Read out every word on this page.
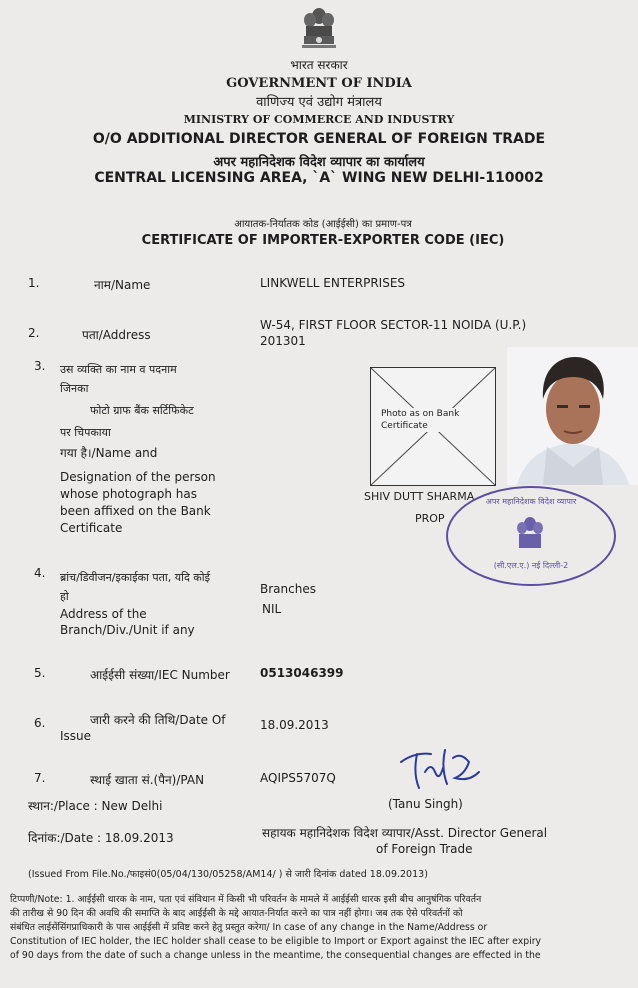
भारत सरकार
GOVERNMENT OF INDIA
वाणिज्य एवं उद्योग मंत्रालय
MINISTRY OF COMMERCE AND INDUSTRY
O/O ADDITIONAL DIRECTOR GENERAL OF FOREIGN TRADE
अपर महानिदेशक विदेश व्यापार का कार्यालय
CENTRAL LICENSING AREA, `A` WING NEW DELHI-110002
आयातक-निर्यातक कोड (आईईसी) का प्रमाण-पत्र
CERTIFICATE OF IMPORTER-EXPORTER CODE (IEC)
1.	नाम/Name	LINKWELL ENTERPRISES
2.	पता/Address
W-54, FIRST FLOOR SECTOR-11 NOIDA (U.P.)
201301
3. उस व्यक्ति का नाम व पदनाम
जिनका
फोटो ग्राफ बैंक सर्टिफिकेट
पर चिपकाया
गया है।/Name and
Designation of the person
whose photograph has
been affixed on the Bank
Certificate
Photo as on Bank
Certificate
SHIV DUTT SHARMA
PROP
अपर महानिदेशक विदेश व्यापार
(सी.एल.ए.) नई दिल्ली-2
4. ब्रांच/डिवीजन/इकाईका पता, यदि कोई
हो
Address of the
Branch/Div./Unit if any
Branches
NIL
5.	आईईसी संख्या/IEC Number	0513046399
6.	जारी करने की तिथि/Date Of
Issue
18.09.2013
7.	स्थाई खाता सं.(पैन)/PAN	AQIPS5707Q
स्थान:/Place : New Delhi	(Tanu Singh)
दिनांक:/Date : 18.09.2013	सहायक महानिदेशक विदेश व्यापार/Asst. Director General
of Foreign Trade
(Issued From File.No./फाइसं0(05/04/130/05258/AM14/ ) से जारी दिनांक dated 18.09.2013)
टिप्पणी/Note: 1. आईईसी धारक के नाम, पता एवं संविधान में किसी भी परिवर्तन के मामले में आईईसी धारक इसी बीच आनुषंगिक परिवर्तन
की तारीख से 90 दिन की अवधि की समाप्ति के बाद आईईसी के मद्दे आयात-निर्यात करने का पात्र नहीं होगा। जब तक ऐसे परिवर्तनों को
संबंधित लाईसेंसिंगप्राधिकारी के पास आईईसी में प्रविष्ट करने हेतु प्रस्तुत करेगा/ In case of any change in the Name/Address or
Constitution of IEC holder, the IEC holder shall cease to be eligible to Import or Export against the IEC after expiry
of 90 days from the date of such a change unless in the meantime, the consequential changes are effected in the
